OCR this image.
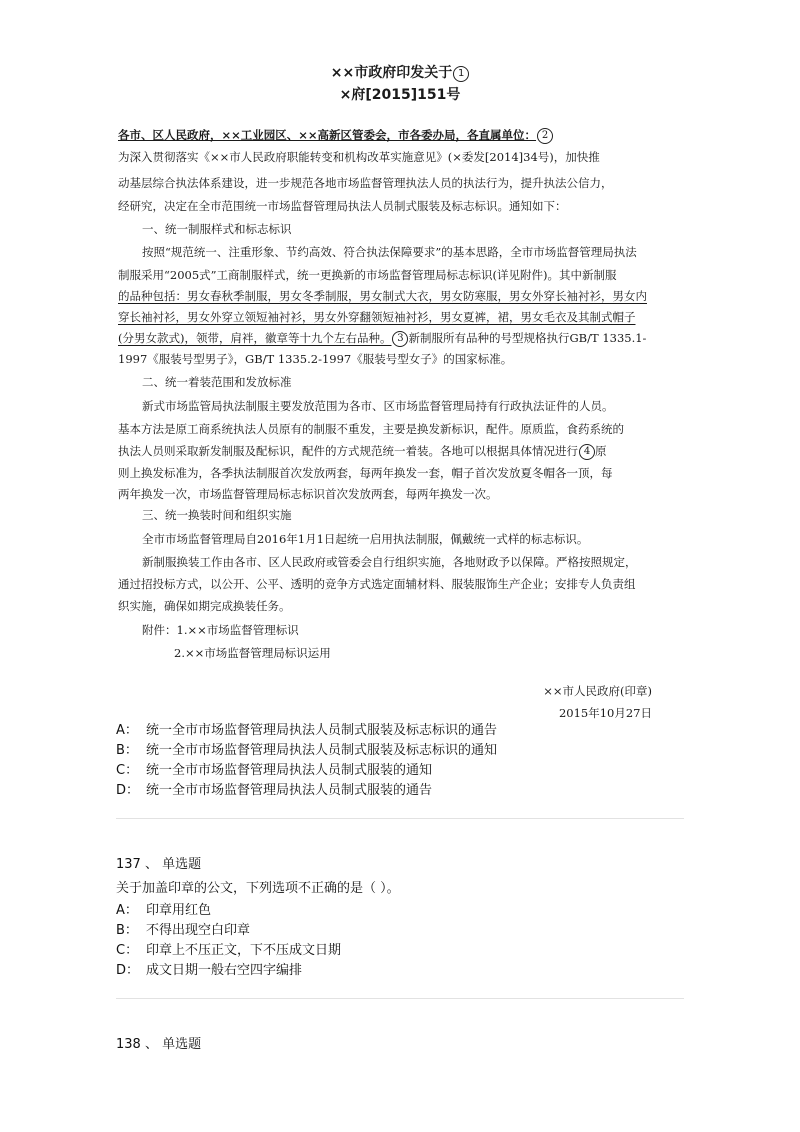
××市政府印发关于 1
×府[2015]151号
各市、区人民政府，××工业园区、××高新区管委会，市各委办局，各直属单位： 2
为深入贯彻落实《××市人民政府职能转变和机构改革实施意见》(×委发[2014]34号)，加快推
动基层综合执法体系建设，进一步规范各地市场监督管理执法人员的执法行为，提升执法公信力，
经研究，决定在全市范围统一市场监督管理局执法人员制式服装及标志标识。通知如下：
一、统一制服样式和标志标识
按照“规范统一、注重形象、节约高效、符合执法保障要求”的基本思路，全市市场监督管理局执法
制服采用“2005式”工商制服样式，统一更换新的市场监督管理局标志标识(详见附件)。其中新制服
的品种包括：男女春秋季制服，男女冬季制服，男女制式大衣，男女防寒服，男女外穿长袖衬衫，男女内
穿长袖衬衫，男女外穿立领短袖衬衫，男女外穿翻领短袖衬衫，男女夏裤，裙，男女毛衣及其制式帽子
(分男女款式)，领带，肩袢，徽章等十九个左右品种。 3 新制服所有品种的号型规格执行GB/T 1335.1-
1997《服装号型男子》，GB/T 1335.2-1997《服装号型女子》的国家标准。
二、统一着装范围和发放标准
新式市场监管局执法制服主要发放范围为各市、区市场监督管理局持有行政执法证件的人员。
基本方法是原工商系统执法人员原有的制服不重发，主要是换发新标识，配件。原质监，食药系统的
执法人员则采取新发制服及配标识，配件的方式规范统一着装。各地可以根据具体情况进行 4 原
则上换发标准为，各季执法制服首次发放两套，每两年换发一套，帽子首次发放夏冬帽各一顶，每
两年换发一次，市场监督管理局标志标识首次发放两套，每两年换发一次。
三、统一换装时间和组织实施
全市市场监督管理局自2016年1月1日起统一启用执法制服，佩戴统一式样的标志标识。
新制服换装工作由各市、区人民政府或管委会自行组织实施，各地财政予以保障。严格按照规定，
通过招投标方式，以公开、公平、透明的竞争方式选定面辅材料、服装服饰生产企业；安排专人负责组
织实施，确保如期完成换装任务。
附件：1.××市场监督管理标识
2.××市场监督管理局标识运用
××市人民政府(印章)
2015年10月27日
A： 统一全市市场监督管理局执法人员制式服装及标志标识的通告
B： 统一全市市场监督管理局执法人员制式服装及标志标识的通知
C： 统一全市市场监督管理局执法人员制式服装的通知
D： 统一全市市场监督管理局执法人员制式服装的通告
137 、 单选题
关于加盖印章的公文，下列选项不正确的是（ ）。
A： 印章用红色
B： 不得出现空白印章
C： 印章上不压正文，下不压成文日期
D： 成文日期一般右空四字编排
138 、 单选题
